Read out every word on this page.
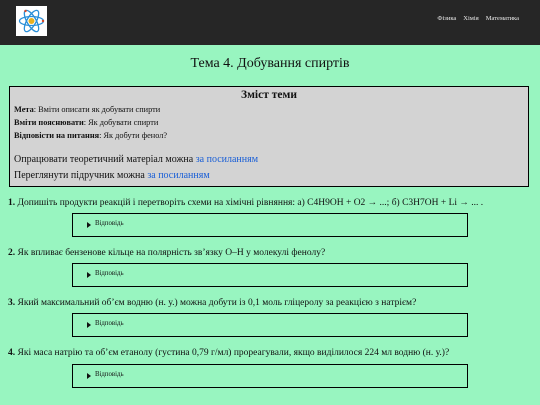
Фізика Хімія Математика
Тема 4. Добування спиртів
Зміст теми
Мета: Вміти описати як добувати спирти
Вміти пояснювати: Як добувати спирти
Відповісти на питання: Як добути фенол?
Опрацювати теоретичний матеріал можна за посиланням
Переглянути підручник можна за посиланням
1. Допишіть продукти реакцій і перетворіть схеми на хімічні рівняння: а) C4H9OH + O2 → ...; б) C3H7OH + Li → ... .
Відповідь
2. Як впливає бензенове кільце на полярність зв’язку O–H у молекулі фенолу?
Відповідь
3. Який максимальний об’єм водню (н. у.) можна добути із 0,1 моль гліцеролу за реакцією з натрієм?
Відповідь
4. Які маса натрію та об’єм етанолу (густина 0,79 г/мл) прореагували, якщо виділилося 224 мл водню (н. у.)?
Відповідь
